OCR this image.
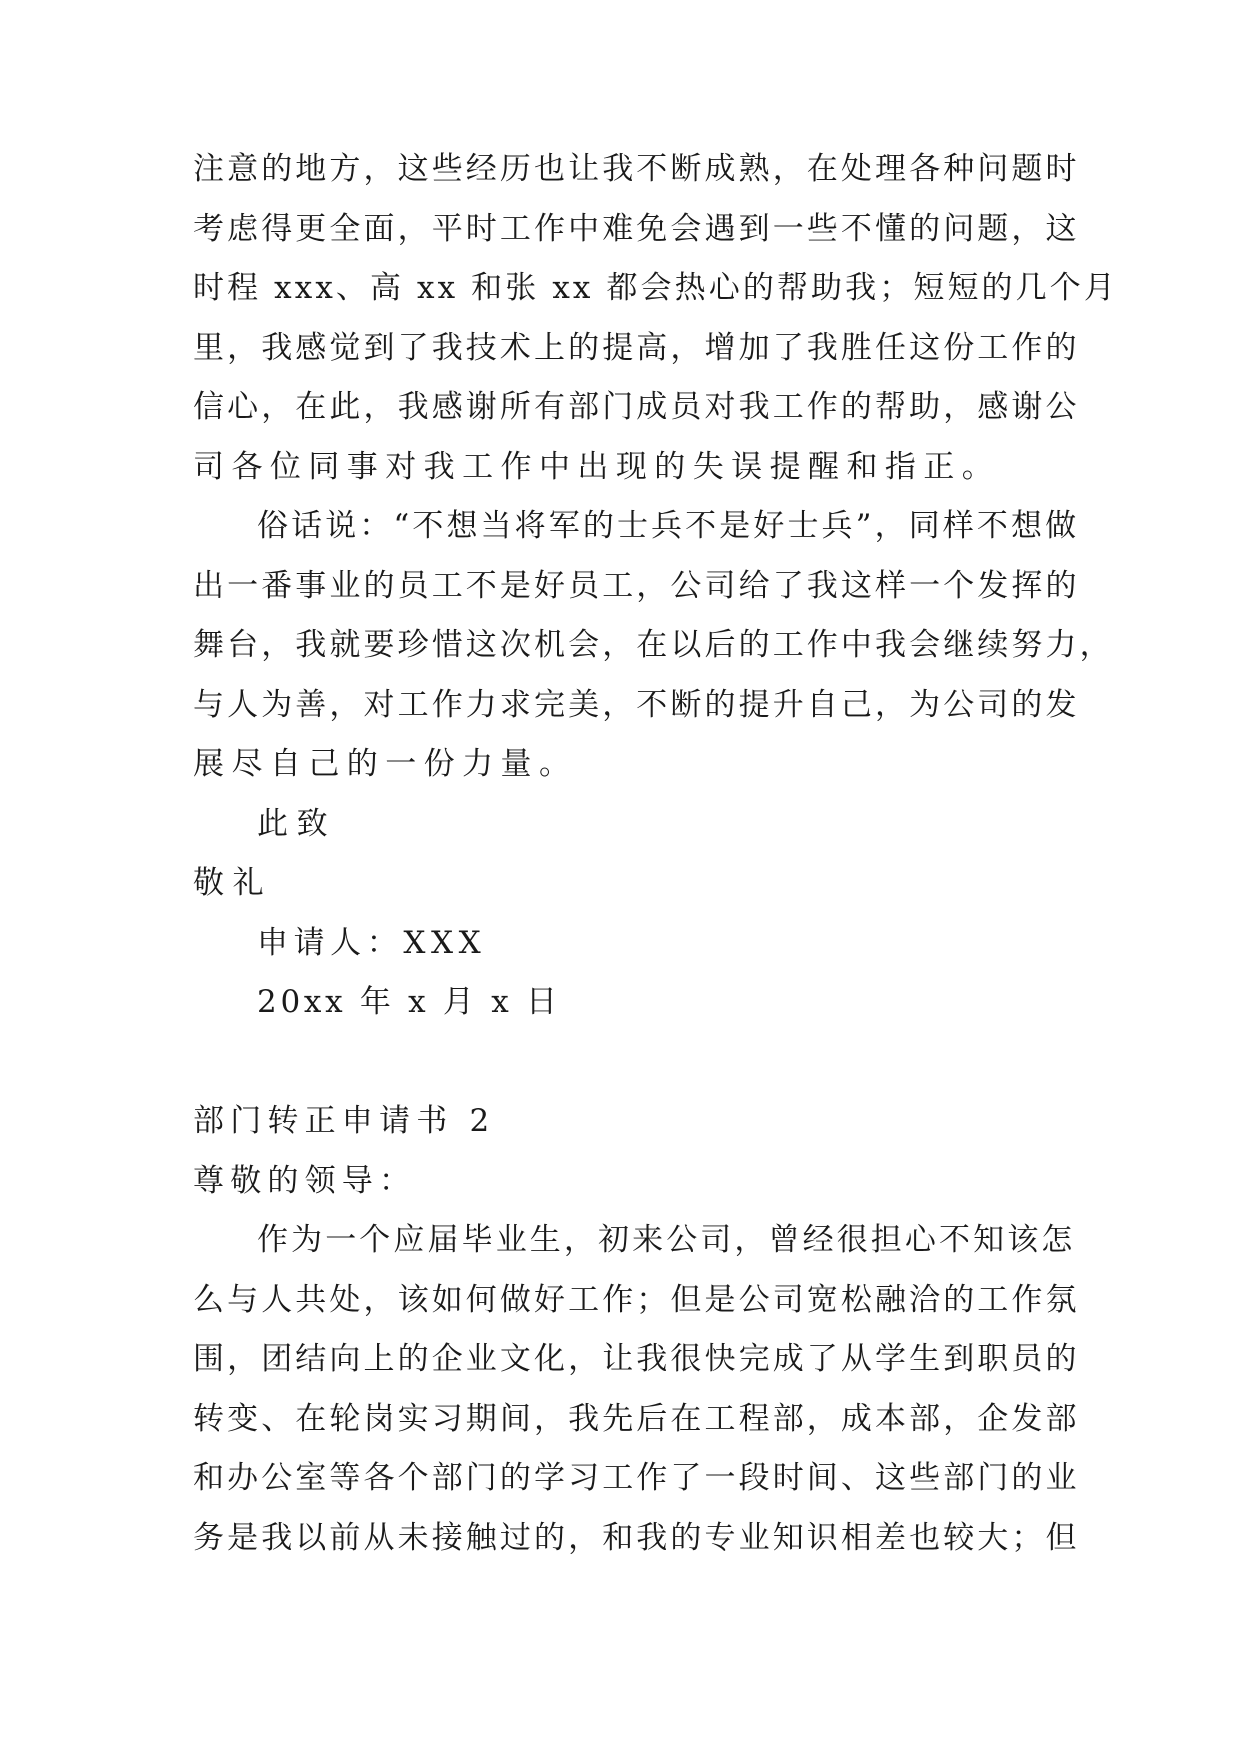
注意的地方，这些经历也让我不断成熟，在处理各种问题时
考虑得更全面，平时工作中难免会遇到一些不懂的问题，这
时程 xxx、高 xx 和张 xx 都会热心的帮助我；短短的几个月
里，我感觉到了我技术上的提高，增加了我胜任这份工作的
信心，在此，我感谢所有部门成员对我工作的帮助，感谢公
司各位同事对我工作中出现的失误提醒和指正。
俗话说：“不想当将军的士兵不是好士兵”，同样不想做
出一番事业的员工不是好员工，公司给了我这样一个发挥的
舞台，我就要珍惜这次机会，在以后的工作中我会继续努力，
与人为善，对工作力求完美，不断的提升自己，为公司的发
展尽自己的一份力量。
此致
敬礼
申请人：XXX
20xx 年 x 月 x 日
部门转正申请书 2
尊敬的领导：
作为一个应届毕业生，初来公司，曾经很担心不知该怎
么与人共处，该如何做好工作；但是公司宽松融洽的工作氛
围，团结向上的企业文化，让我很快完成了从学生到职员的
转变、在轮岗实习期间，我先后在工程部，成本部，企发部
和办公室等各个部门的学习工作了一段时间、这些部门的业
务是我以前从未接触过的，和我的专业知识相差也较大；但
